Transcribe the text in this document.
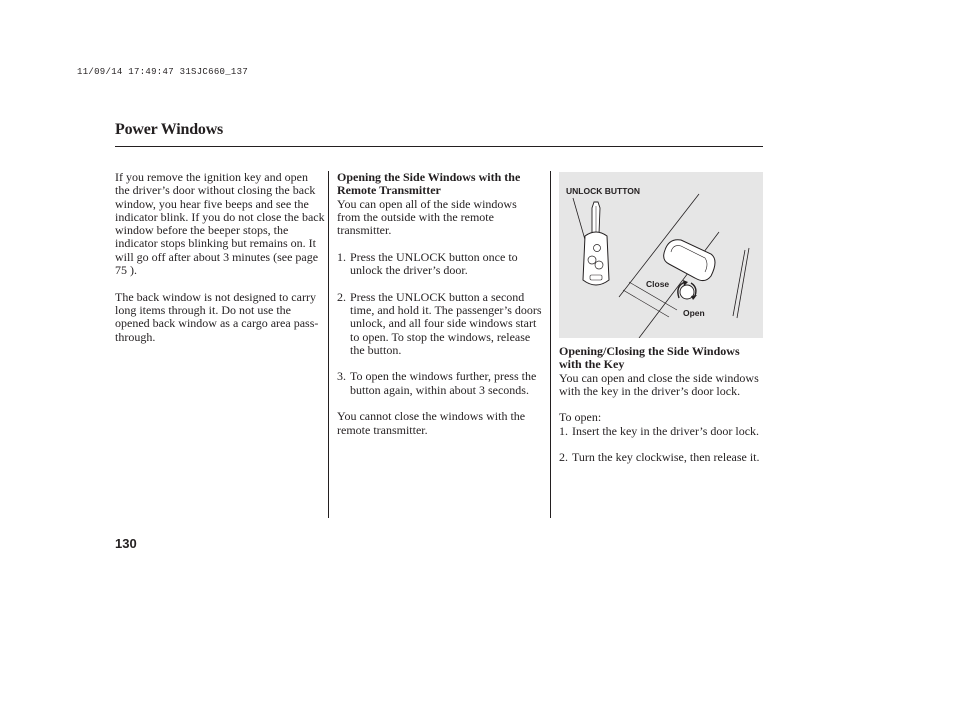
11/09/14 17:49:47 31SJC660_137
Power Windows

If you remove the ignition key and open the driver’s door without closing the back window, you hear five beeps and see the indicator blink. If you do not close the back window before the beeper stops, the indicator stops blinking but remains on. It will go off after about 3 minutes (see page 75 ).

The back window is not designed to carry long items through it. Do not use the opened back window as a cargo area pass-through.

Opening the Side Windows with the Remote Transmitter

You can open all of the side windows from the outside with the remote transmitter.

1. Press the UNLOCK button once to unlock the driver’s door.
2. Press the UNLOCK button a second time, and hold it. The passenger’s doors unlock, and all four side windows start to open. To stop the windows, release the button.
3. To open the windows further, press the button again, within about 3 seconds.

You cannot close the windows with the remote transmitter.

UNLOCK BUTTON
Close
Open

Opening/Closing the Side Windows with the Key

You can open and close the side windows with the key in the driver’s door lock.

To open:

1. Insert the key in the driver’s door lock.
2. Turn the key clockwise, then release it.
130
